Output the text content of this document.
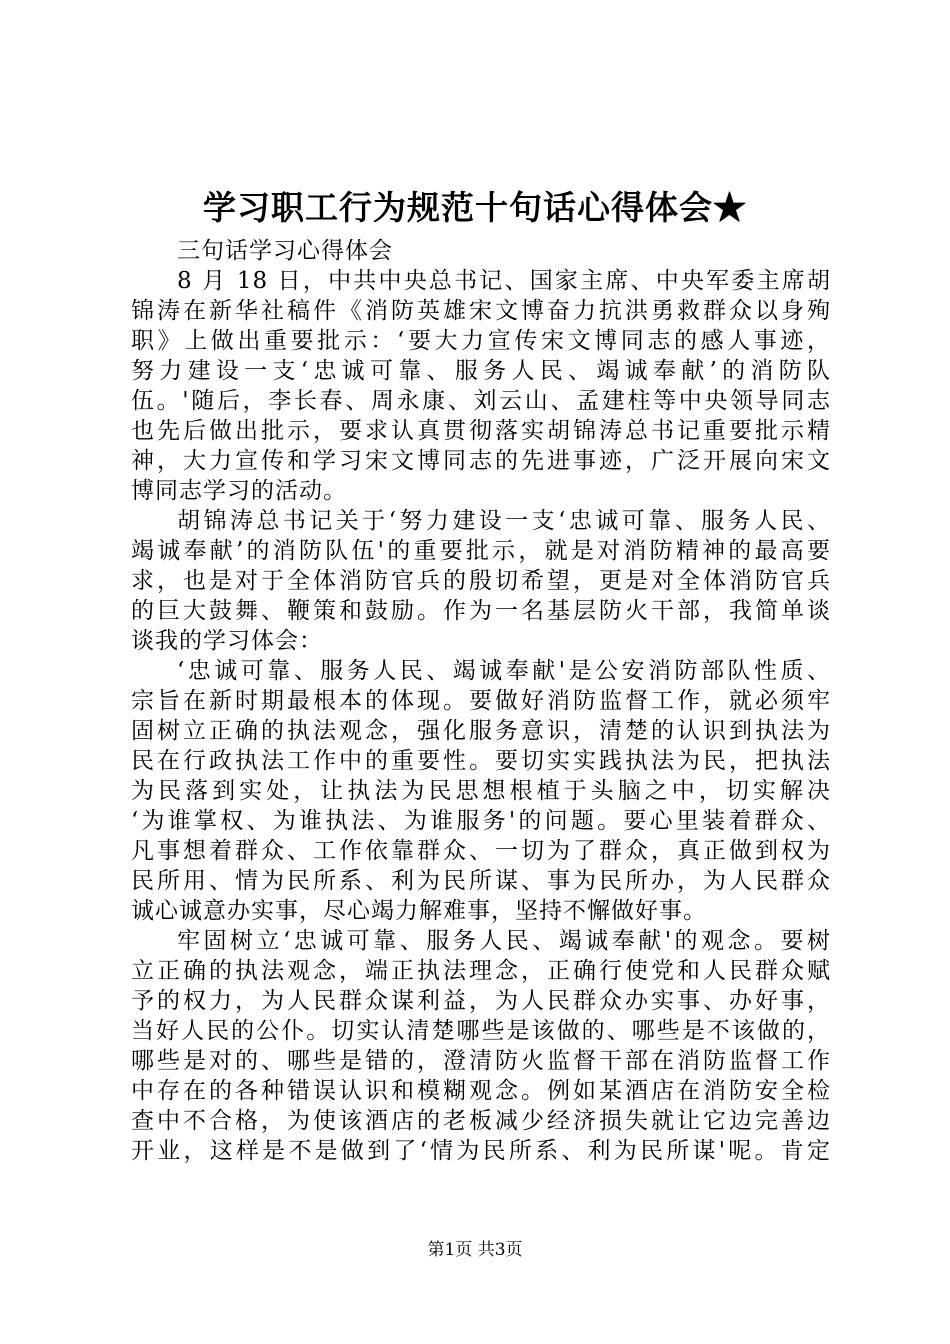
学习职工行为规范十句话心得体会★
三句话学习心得体会
8 月 18 日，中共中央总书记、国家主席、中央军委主席胡
锦涛在新华社稿件《消防英雄宋文博奋力抗洪勇救群众以身殉
职》上做出重要批示：‘要大力宣传宋文博同志的感人事迹，
努力建设一支‘忠诚可靠、服务人民、竭诚奉献’的消防队
伍。'随后，李长春、周永康、刘云山、孟建柱等中央领导同志
也先后做出批示，要求认真贯彻落实胡锦涛总书记重要批示精
神，大力宣传和学习宋文博同志的先进事迹，广泛开展向宋文
博同志学习的活动。
胡锦涛总书记关于‘努力建设一支‘忠诚可靠、服务人民、
竭诚奉献’的消防队伍'的重要批示，就是对消防精神的最高要
求，也是对于全体消防官兵的殷切希望，更是对全体消防官兵
的巨大鼓舞、鞭策和鼓励。作为一名基层防火干部，我简单谈
谈我的学习体会：
‘忠诚可靠、服务人民、竭诚奉献'是公安消防部队性质、
宗旨在新时期最根本的体现。要做好消防监督工作，就必须牢
固树立正确的执法观念，强化服务意识，清楚的认识到执法为
民在行政执法工作中的重要性。要切实实践执法为民，把执法
为民落到实处，让执法为民思想根植于头脑之中，切实解决
‘为谁掌权、为谁执法、为谁服务'的问题。要心里装着群众、
凡事想着群众、工作依靠群众、一切为了群众，真正做到权为
民所用、情为民所系、利为民所谋、事为民所办，为人民群众
诚心诚意办实事，尽心竭力解难事，坚持不懈做好事。
牢固树立‘忠诚可靠、服务人民、竭诚奉献'的观念。要树
立正确的执法观念，端正执法理念，正确行使党和人民群众赋
予的权力，为人民群众谋利益，为人民群众办实事、办好事，
当好人民的公仆。切实认清楚哪些是该做的、哪些是不该做的，
哪些是对的、哪些是错的，澄清防火监督干部在消防监督工作
中存在的各种错误认识和模糊观念。例如某酒店在消防安全检
查中不合格，为使该酒店的老板减少经济损失就让它边完善边
开业，这样是不是做到了‘情为民所系、利为民所谋'呢。肯定
第1页 共3页
